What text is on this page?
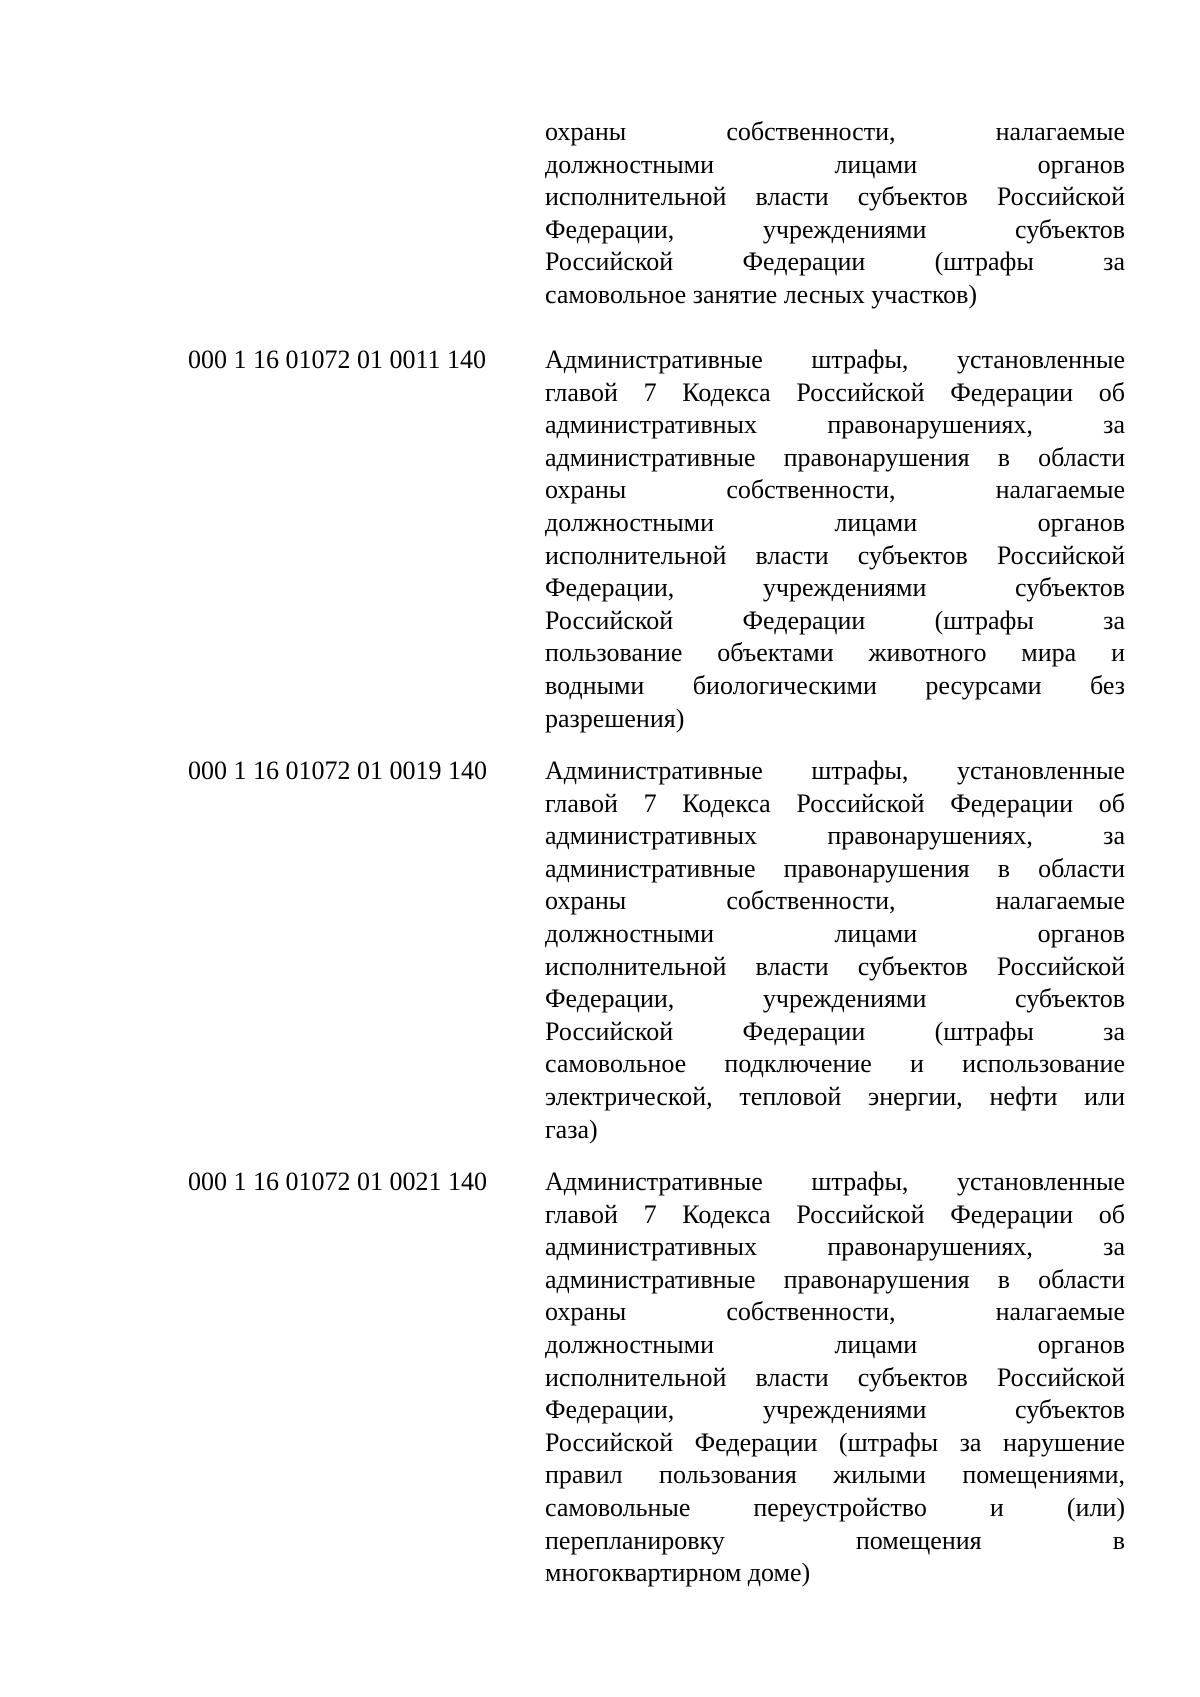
охраны собственности, налагаемые
должностными лицами органов
исполнительной власти субъектов Российской
Федерации, учреждениями субъектов
Российской Федерации (штрафы за
самовольное занятие лесных участков)
000 1 16 01072 01 0011 140 Административные штрафы, установленные
главой 7 Кодекса Российской Федерации об
административных правонарушениях, за
административные правонарушения в области
охраны собственности, налагаемые
должностными лицами органов
исполнительной власти субъектов Российской
Федерации, учреждениями субъектов
Российской Федерации (штрафы за
пользование объектами животного мира и
водными биологическими ресурсами без
разрешения)
000 1 16 01072 01 0019 140 Административные штрафы, установленные
главой 7 Кодекса Российской Федерации об
административных правонарушениях, за
административные правонарушения в области
охраны собственности, налагаемые
должностными лицами органов
исполнительной власти субъектов Российской
Федерации, учреждениями субъектов
Российской Федерации (штрафы за
самовольное подключение и использование
электрической, тепловой энергии, нефти или
газа)
000 1 16 01072 01 0021 140 Административные штрафы, установленные
главой 7 Кодекса Российской Федерации об
административных правонарушениях, за
административные правонарушения в области
охраны собственности, налагаемые
должностными лицами органов
исполнительной власти субъектов Российской
Федерации, учреждениями субъектов
Российской Федерации (штрафы за нарушение
правил пользования жилыми помещениями,
самовольные переустройство и (или)
перепланировку помещения в
многоквартирном доме)
